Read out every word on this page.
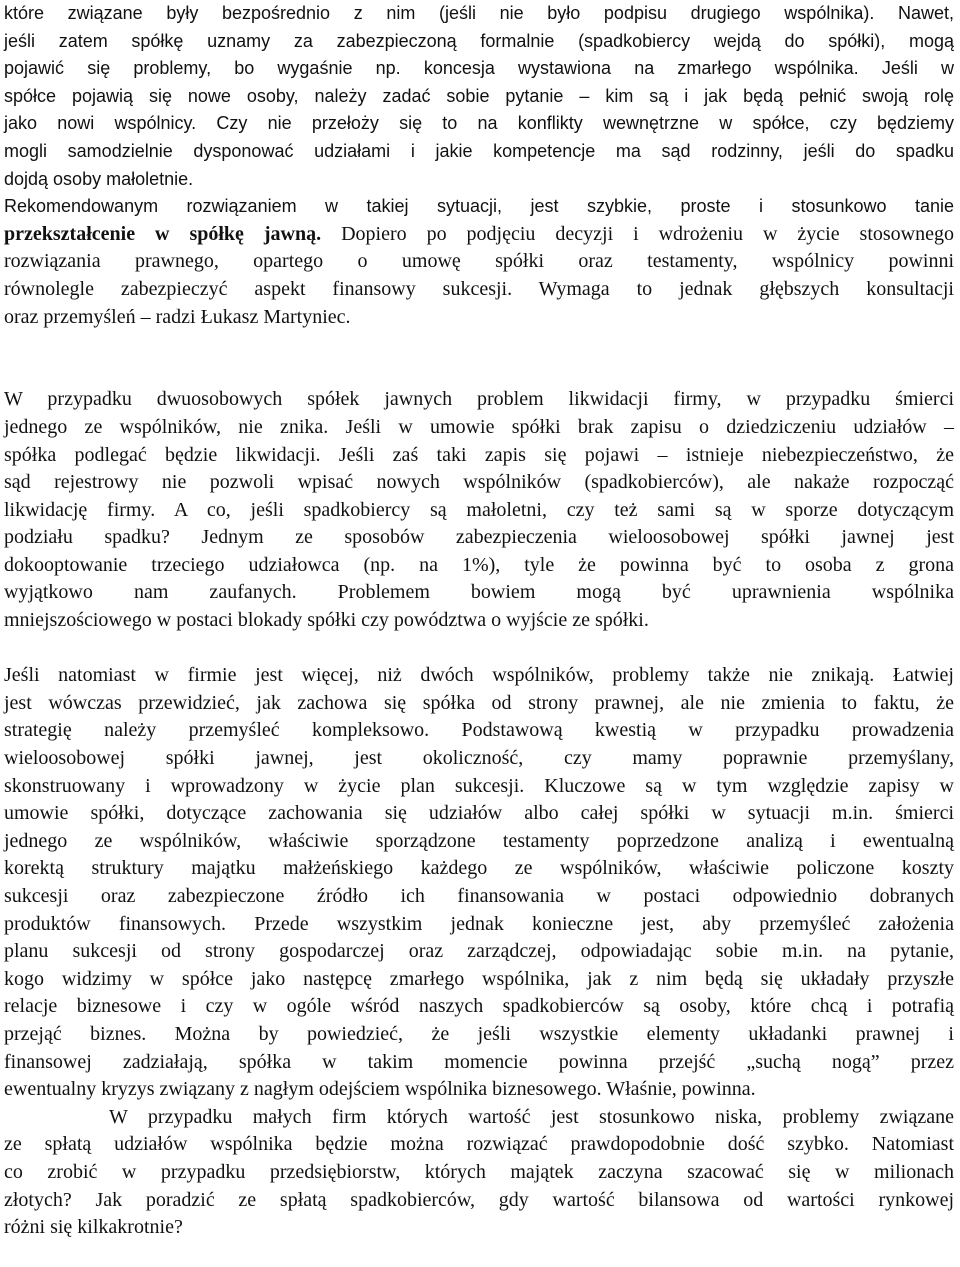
które związane były bezpośrednio z nim (jeśli nie było podpisu drugiego wspólnika). Nawet,
jeśli zatem spółkę uznamy za zabezpieczoną formalnie (spadkobiercy wejdą do spółki), mogą
pojawić się problemy, bo wygaśnie np. koncesja wystawiona na zmarłego wspólnika. Jeśli w
spółce pojawią się nowe osoby, należy zadać sobie pytanie – kim są i jak będą pełnić swoją rolę
jako nowi wspólnicy. Czy nie przełoży się to na konflikty wewnętrzne w spółce, czy będziemy
mogli samodzielnie dysponować udziałami i jakie kompetencje ma sąd rodzinny, jeśli do spadku
dojdą osoby małoletnie.
Rekomendowanym rozwiązaniem w takiej sytuacji, jest szybkie, proste i stosunkowo tanie
przekształcenie w spółkę jawną. Dopiero po podjęciu decyzji i wdrożeniu w życie stosownego
rozwiązania prawnego, opartego o umowę spółki oraz testamenty, wspólnicy powinni
równolegle zabezpieczyć aspekt finansowy sukcesji. Wymaga to jednak głębszych konsultacji
oraz przemyśleń – radzi Łukasz Martyniec.
W przypadku dwuosobowych spółek jawnych problem likwidacji firmy, w przypadku śmierci
jednego ze wspólników, nie znika. Jeśli w umowie spółki brak zapisu o dziedziczeniu udziałów –
spółka podlegać będzie likwidacji. Jeśli zaś taki zapis się pojawi – istnieje niebezpieczeństwo, że
sąd rejestrowy nie pozwoli wpisać nowych wspólników (spadkobierców), ale nakaże rozpocząć
likwidację firmy. A co, jeśli spadkobiercy są małoletni, czy też sami są w sporze dotyczącym
podziału spadku? Jednym ze sposobów zabezpieczenia wieloosobowej spółki jawnej jest
dokooptowanie trzeciego udziałowca (np. na 1%), tyle że powinna być to osoba z grona
wyjątkowo nam zaufanych. Problemem bowiem mogą być uprawnienia wspólnika
mniejszościowego w postaci blokady spółki czy powództwa o wyjście ze spółki.
Jeśli natomiast w firmie jest więcej, niż dwóch wspólników, problemy także nie znikają. Łatwiej
jest wówczas przewidzieć, jak zachowa się spółka od strony prawnej, ale nie zmienia to faktu, że
strategię należy przemyśleć kompleksowo. Podstawową kwestią w przypadku prowadzenia
wieloosobowej spółki jawnej, jest okoliczność, czy mamy poprawnie przemyślany,
skonstruowany i wprowadzony w życie plan sukcesji. Kluczowe są w tym względzie zapisy w
umowie spółki, dotyczące zachowania się udziałów albo całej spółki w sytuacji m.in. śmierci
jednego ze wspólników, właściwie sporządzone testamenty poprzedzone analizą i ewentualną
korektą struktury majątku małżeńskiego każdego ze wspólników, właściwie policzone koszty
sukcesji oraz zabezpieczone źródło ich finansowania w postaci odpowiednio dobranych
produktów finansowych. Przede wszystkim jednak konieczne jest, aby przemyśleć założenia
planu sukcesji od strony gospodarczej oraz zarządczej, odpowiadając sobie m.in. na pytanie,
kogo widzimy w spółce jako następcę zmarłego wspólnika, jak z nim będą się układały przyszłe
relacje biznesowe i czy w ogóle wśród naszych spadkobierców są osoby, które chcą i potrafią
przejąć biznes. Można by powiedzieć, że jeśli wszystkie elementy układanki prawnej i
finansowej zadziałają, spółka w takim momencie powinna przejść „suchą nogą” przez
ewentualny kryzys związany z nagłym odejściem wspólnika biznesowego. Właśnie, powinna.
W przypadku małych firm których wartość jest stosunkowo niska, problemy związane
ze spłatą udziałów wspólnika będzie można rozwiązać prawdopodobnie dość szybko. Natomiast
co zrobić w przypadku przedsiębiorstw, których majątek zaczyna szacować się w milionach
złotych? Jak poradzić ze spłatą spadkobierców, gdy wartość bilansowa od wartości rynkowej
różni się kilkakrotnie?
